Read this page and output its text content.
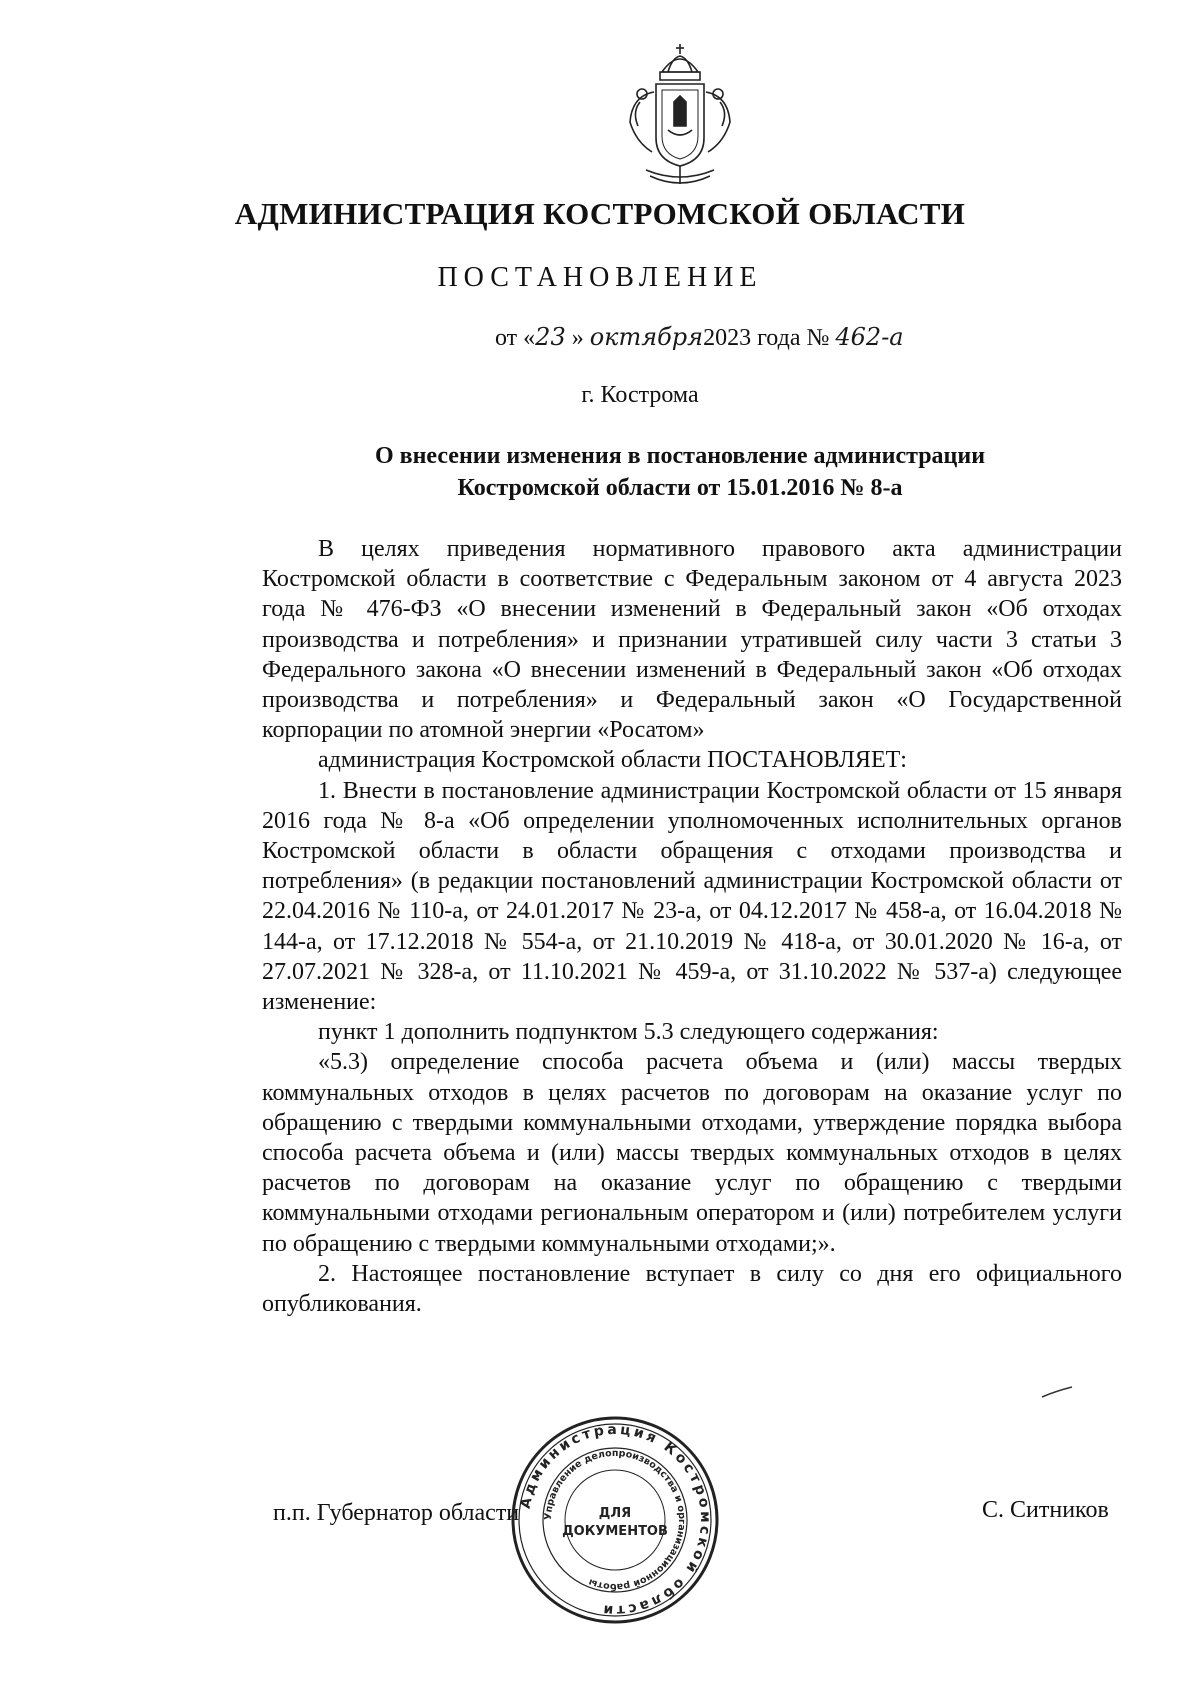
АДМИНИСТРАЦИЯ КОСТРОМСКОЙ ОБЛАСТИ
ПОСТАНОВЛЕНИЕ
от «23 » октября2023 года № 462-а
г. Кострома
О внесении изменения в постановление администрации
Костромской области от 15.01.2016 № 8-а

В целях приведения нормативного правового акта администрации Костромской области в соответствие с Федеральным законом от 4 августа 2023 года № 476-ФЗ «О внесении изменений в Федеральный закон «Об отходах производства и потребления» и признании утратившей силу части 3 статьи 3 Федерального закона «О внесении изменений в Федеральный закон «Об отходах производства и потребления» и Федеральный закон «О Государственной корпорации по атомной энергии «Росатом»

администрация Костромской области ПОСТАНОВЛЯЕТ:

1. Внести в постановление администрации Костромской области от 15 января 2016 года № 8-а «Об определении уполномоченных исполнительных органов Костромской области в области обращения с отходами производства и потребления» (в редакции постановлений администрации Костромской области от 22.04.2016 № 110-а, от 24.01.2017 № 23-а, от 04.12.2017 № 458-а, от 16.04.2018 № 144-а, от 17.12.2018 № 554-а, от 21.10.2019 № 418-а, от 30.01.2020 № 16-а, от 27.07.2021 № 328-а, от 11.10.2021 № 459-а, от 31.10.2022 № 537-а) следующее изменение:

пункт 1 дополнить подпунктом 5.3 следующего содержания:

«5.3) определение способа расчета объема и (или) массы твердых коммунальных отходов в целях расчетов по договорам на оказание услуг по обращению с твердыми коммунальными отходами, утверждение порядка выбора способа расчета объема и (или) массы твердых коммунальных отходов в целях расчетов по договорам на оказание услуг по обращению с твердыми коммунальными отходами региональным оператором и (или) потребителем услуги по обращению с твердыми коммунальными отходами;».

2. Настоящее постановление вступает в силу со дня его официального опубликования.

п.п. Губернатор области	С. Ситников
Администрация Костромской области
Управление делопроизводства и организационной работы
ДЛЯ
ДОКУМЕНТОВ
